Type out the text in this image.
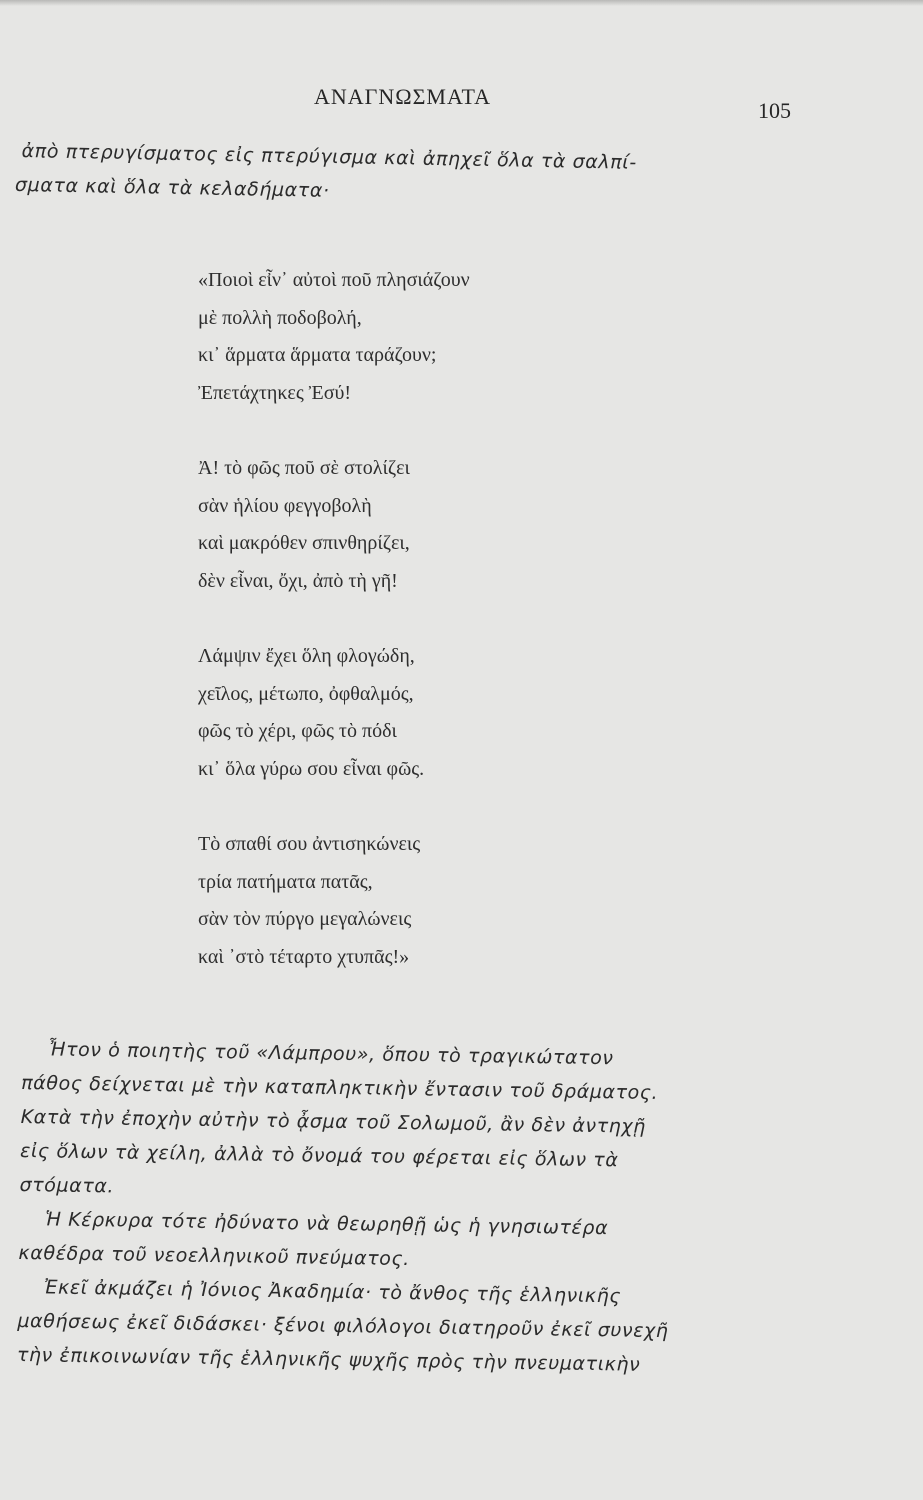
ΑΝΑΓΝΩΣΜΑΤΑ
105

ἀπὸ πτερυγίσματος εἰς πτερύγισμα καὶ ἀπηχεῖ ὅλα τὰ σαλπί-

σματα καὶ ὅλα τὰ κελαδήματα·

«Ποιοὶ εἶν᾿ αὐτοὶ ποῦ πλησιάζουν
μὲ πολλὴ ποδοβολή,
κι᾿ ἅρματα ἅρματα ταράζουν;
Ἐπετάχτηκες Ἐσύ!
Ἀ! τὸ φῶς ποῦ σὲ στολίζει
σὰν ἡλίου φεγγοβολὴ
καὶ μακρόθεν σπινθηρίζει,
δὲν εἶναι, ὄχι, ἀπὸ τὴ γῆ!
Λάμψιν ἔχει ὅλη φλογώδη,
χεῖλος, μέτωπο, ὀφθαλμός,
φῶς τὸ χέρι, φῶς τὸ πόδι
κι᾿ ὅλα γύρω σου εἶναι φῶς.
Τὸ σπαθί σου ἀντισηκώνεις
τρία πατήματα πατᾶς,
σὰν τὸν πύργο μεγαλώνεις
καὶ ᾿στὸ τέταρτο χτυπᾶς!»

Ἦτον ὁ ποιητὴς τοῦ «Λάμπρου», ὅπου τὸ τραγικώτατον

πάθος δείχνεται μὲ τὴν καταπληκτικὴν ἔντασιν τοῦ δράματος.

Κατὰ τὴν ἐποχὴν αὐτὴν τὸ ᾆσμα τοῦ Σολωμοῦ, ἂν δὲν ἀντηχῇ

εἰς ὅλων τὰ χείλη, ἀλλὰ τὸ ὄνομά του φέρεται εἰς ὅλων τὰ

στόματα.

Ἡ Κέρκυρα τότε ἠδύνατο νὰ θεωρηθῇ ὡς ἡ γνησιωτέρα

καθέδρα τοῦ νεοελληνικοῦ πνεύματος.

Ἐκεῖ ἀκμάζει ἡ Ἰόνιος Ἀκαδημία· τὸ ἄνθος τῆς ἑλληνικῆς

μαθήσεως ἐκεῖ διδάσκει· ξένοι φιλόλογοι διατηροῦν ἐκεῖ συνεχῆ

τὴν ἐπικοινωνίαν τῆς ἑλληνικῆς ψυχῆς πρὸς τὴν πνευματικὴν
